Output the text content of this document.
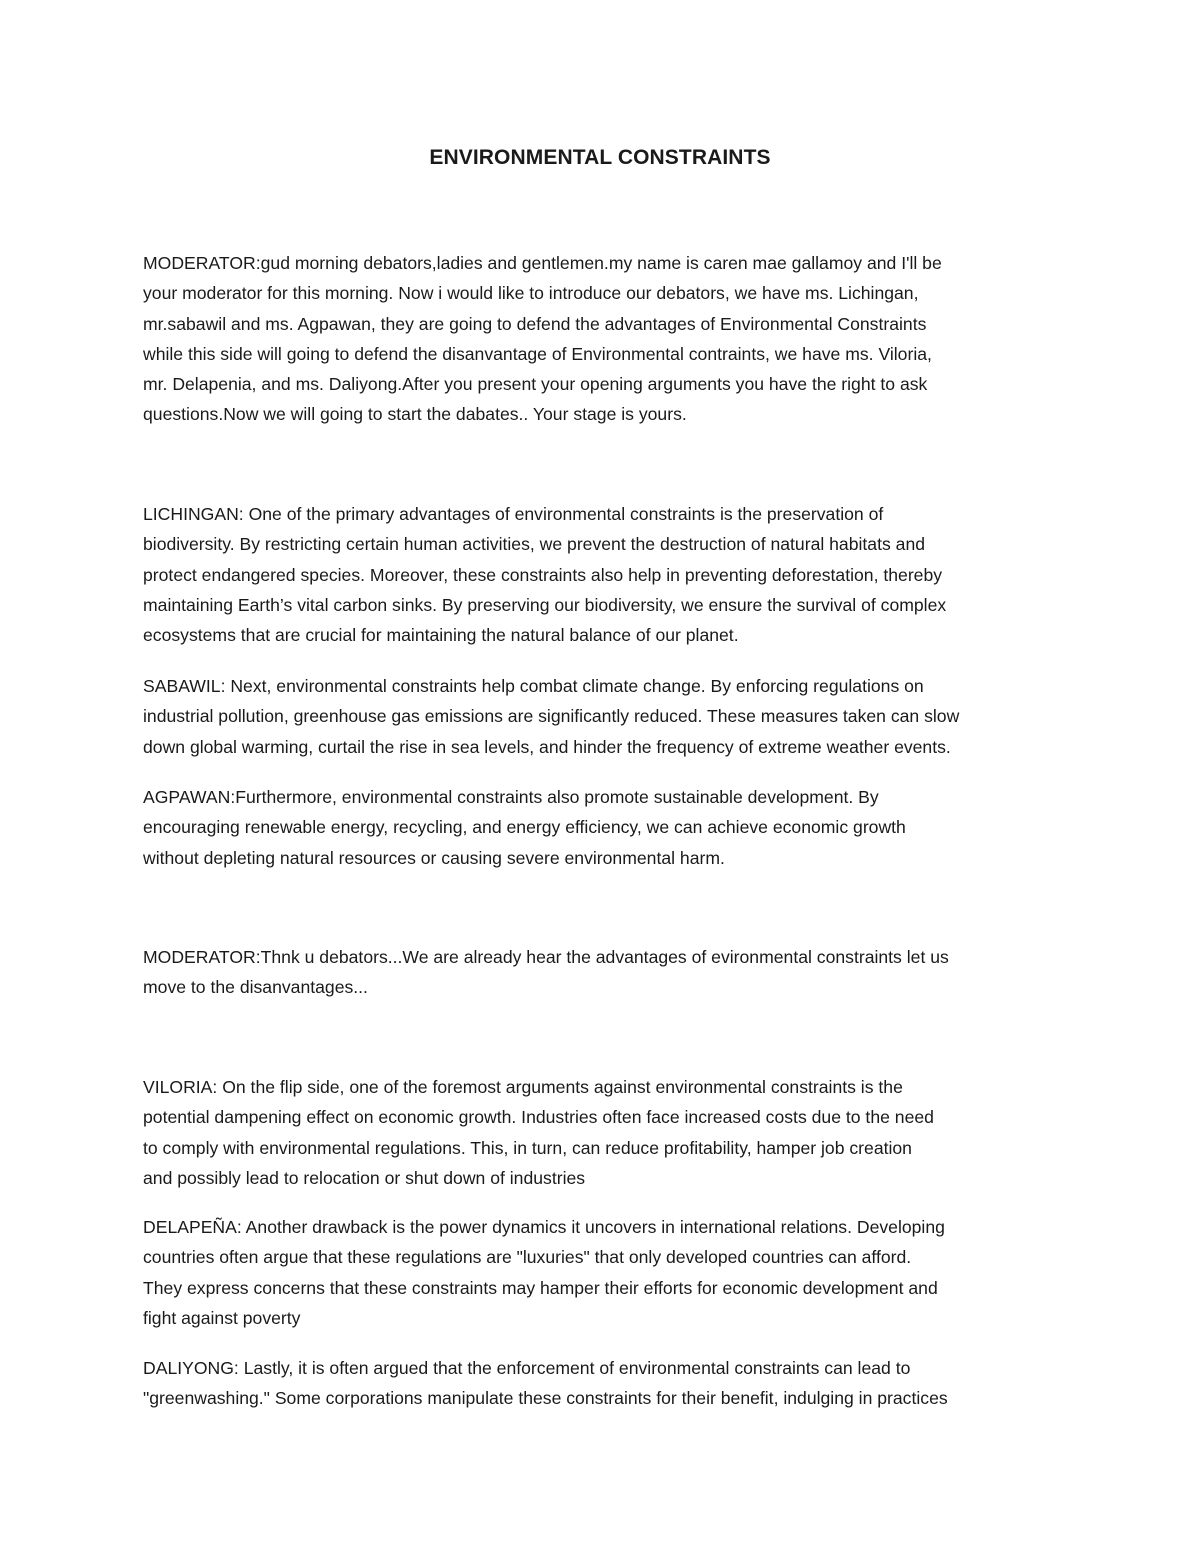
ENVIRONMENTAL CONSTRAINTS

MODERATOR:gud morning debators,ladies and gentlemen.my name is caren mae gallamoy and I'll be
your moderator for this morning. Now i would like to introduce our debators, we have ms. Lichingan,
mr.sabawil and ms. Agpawan, they are going to defend the advantages of Environmental Constraints
while this side will going to defend the disanvantage of Environmental contraints, we have ms. Viloria,
mr. Delapenia, and ms. Daliyong.After you present your opening arguments you have the right to ask
questions.Now we will going to start the dabates.. Your stage is yours.

LICHINGAN: One of the primary advantages of environmental constraints is the preservation of
biodiversity. By restricting certain human activities, we prevent the destruction of natural habitats and
protect endangered species. Moreover, these constraints also help in preventing deforestation, thereby
maintaining Earth’s vital carbon sinks. By preserving our biodiversity, we ensure the survival of complex
ecosystems that are crucial for maintaining the natural balance of our planet.

SABAWIL: Next, environmental constraints help combat climate change. By enforcing regulations on
industrial pollution, greenhouse gas emissions are significantly reduced. These measures taken can slow
down global warming, curtail the rise in sea levels, and hinder the frequency of extreme weather events.

AGPAWAN:Furthermore, environmental constraints also promote sustainable development. By
encouraging renewable energy, recycling, and energy efficiency, we can achieve economic growth
without depleting natural resources or causing severe environmental harm.

MODERATOR:Thnk u debators...We are already hear the advantages of evironmental constraints let us
move to the disanvantages...

VILORIA: On the flip side, one of the foremost arguments against environmental constraints is the
potential dampening effect on economic growth. Industries often face increased costs due to the need
to comply with environmental regulations. This, in turn, can reduce profitability, hamper job creation
and possibly lead to relocation or shut down of industries

DELAPEÑA: Another drawback is the power dynamics it uncovers in international relations. Developing
countries often argue that these regulations are "luxuries" that only developed countries can afford.
They express concerns that these constraints may hamper their efforts for economic development and
fight against poverty

DALIYONG: Lastly, it is often argued that the enforcement of environmental constraints can lead to
"greenwashing." Some corporations manipulate these constraints for their benefit, indulging in practices
